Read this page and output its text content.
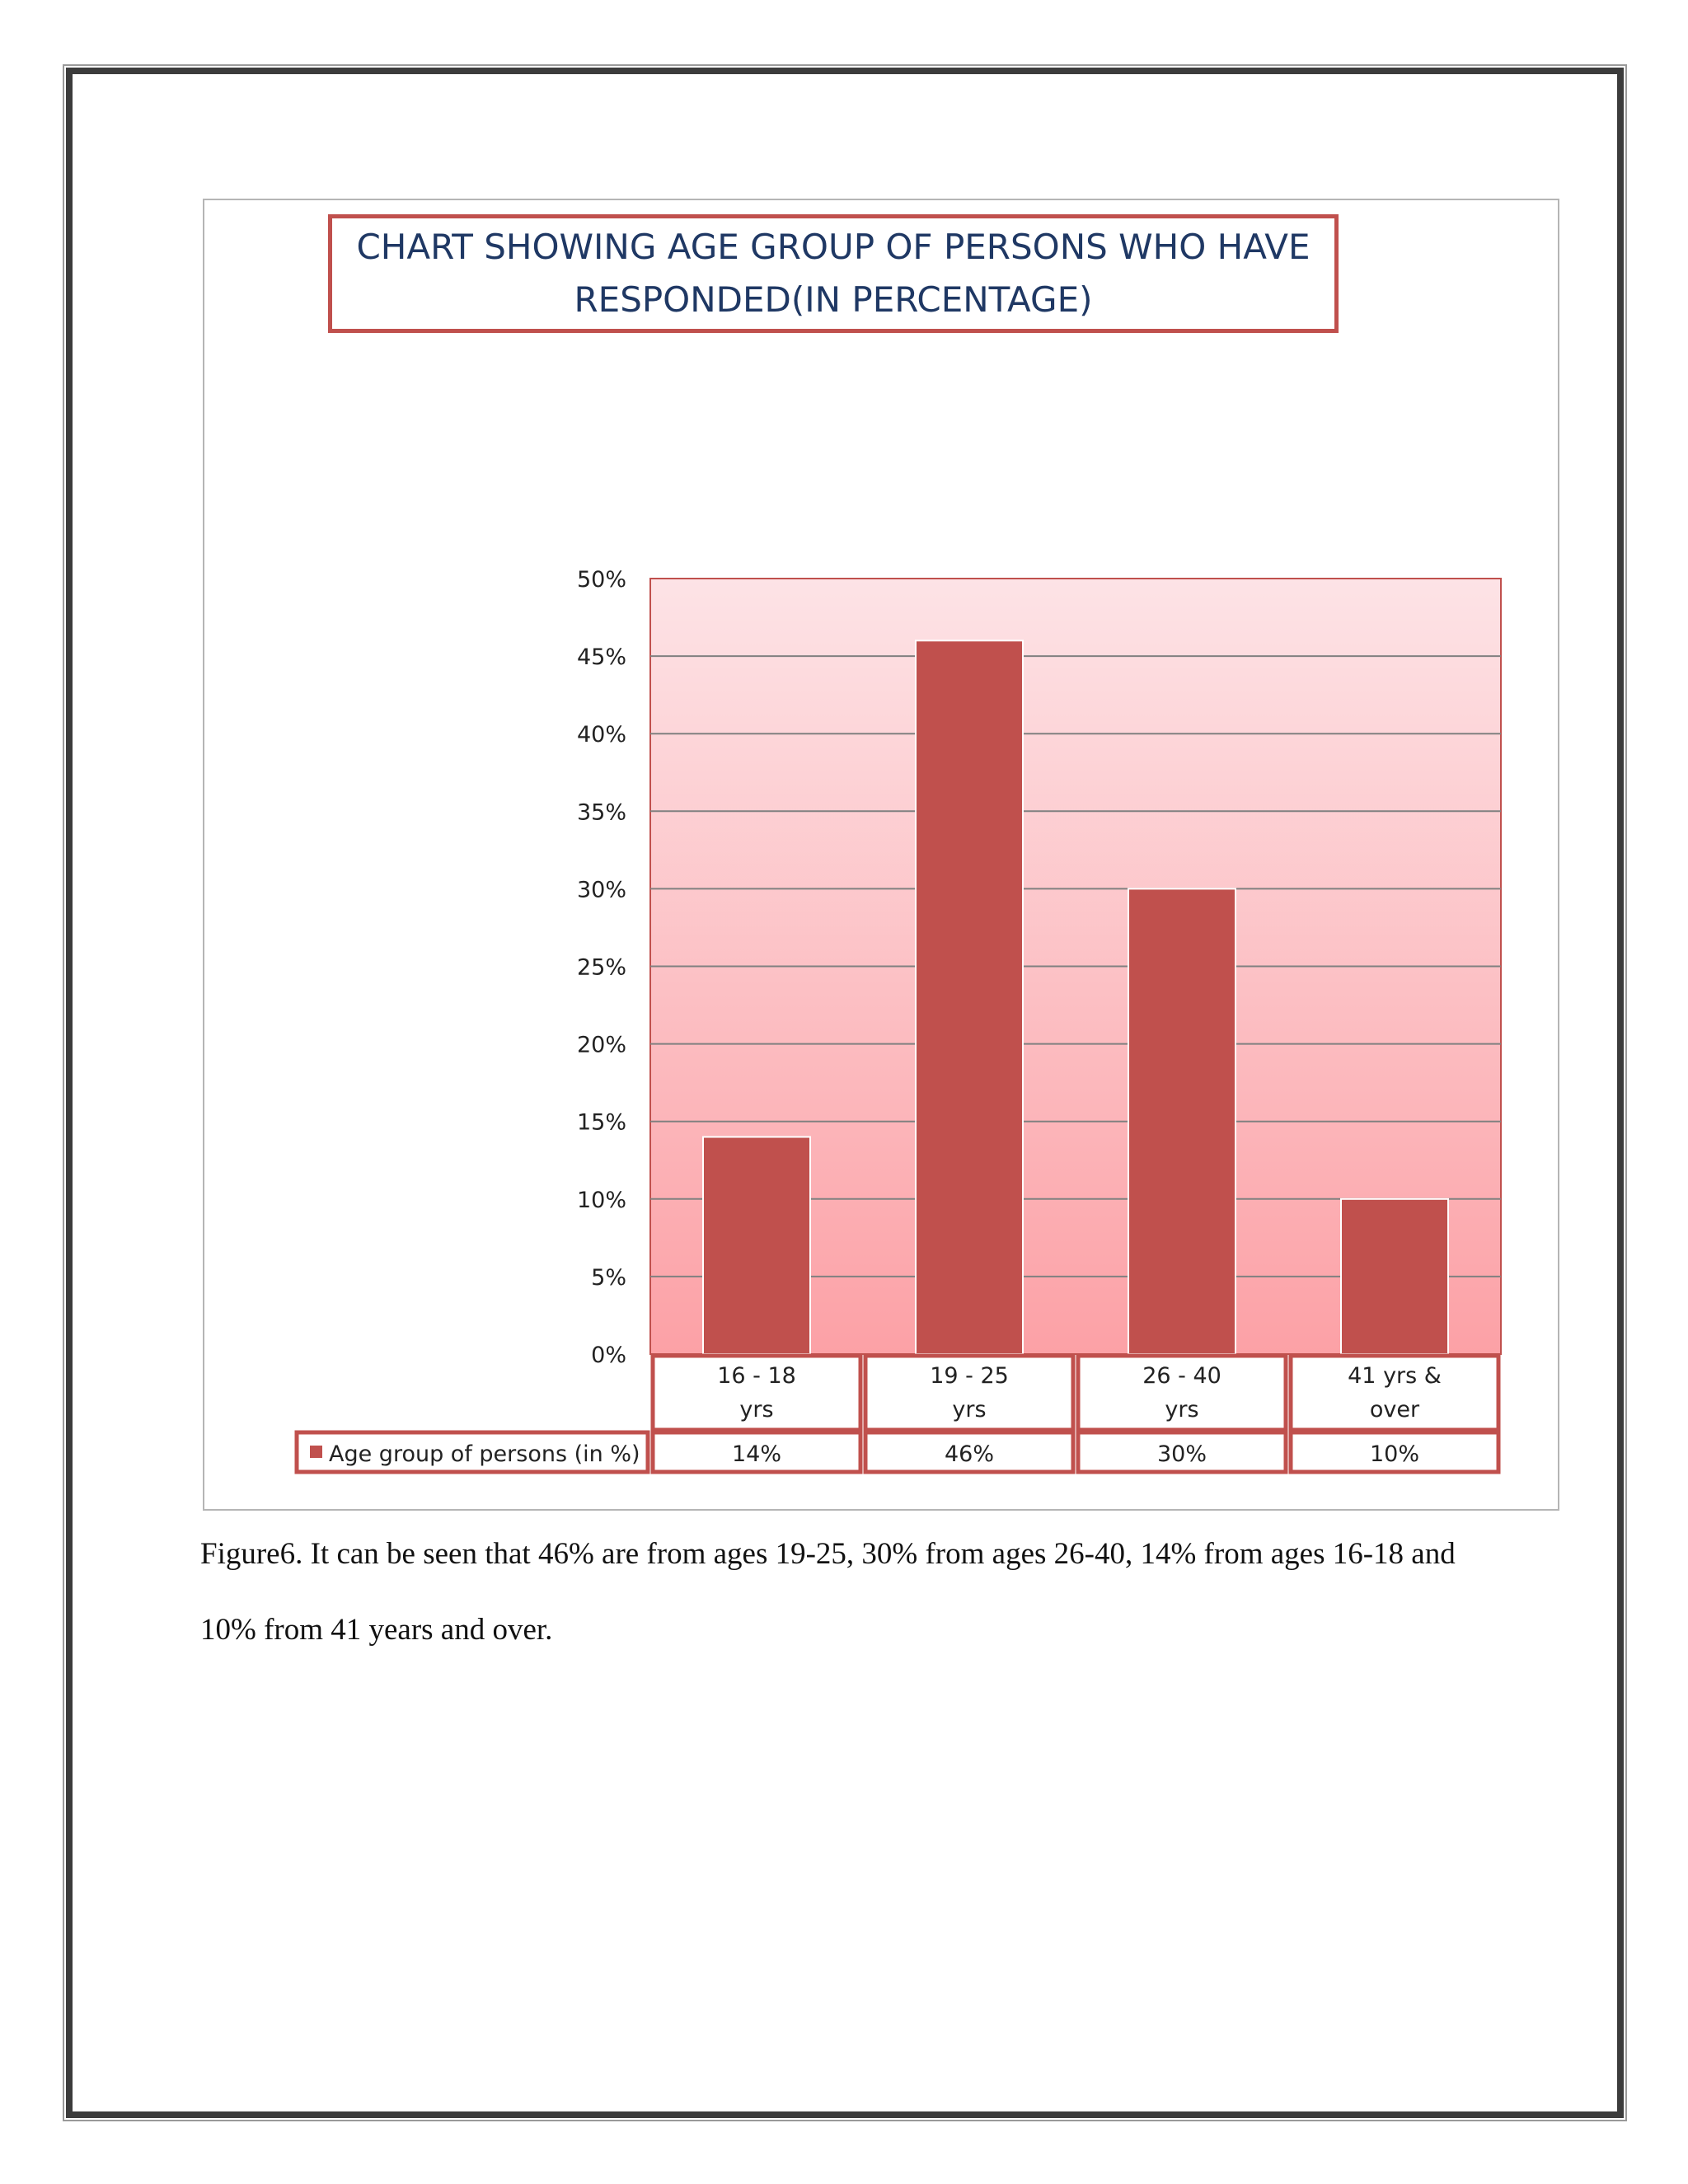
CHART SHOWING AGE GROUP OF PERSONS WHO HAVE RESPONDED(IN PERCENTAGE)
0%
5%
10%
15%
20%
25%
30%
35%
40%
45%
50%
16 - 18
yrs
14%
19 - 25
yrs
46%
26 - 40
yrs
30%
41 yrs &
over
10%
Age group of persons (in %)
Figure6. It can be seen that 46% are from ages 19-25, 30% from ages 26-40, 14% from ages 16-18 and 10% from 41 years and over.
